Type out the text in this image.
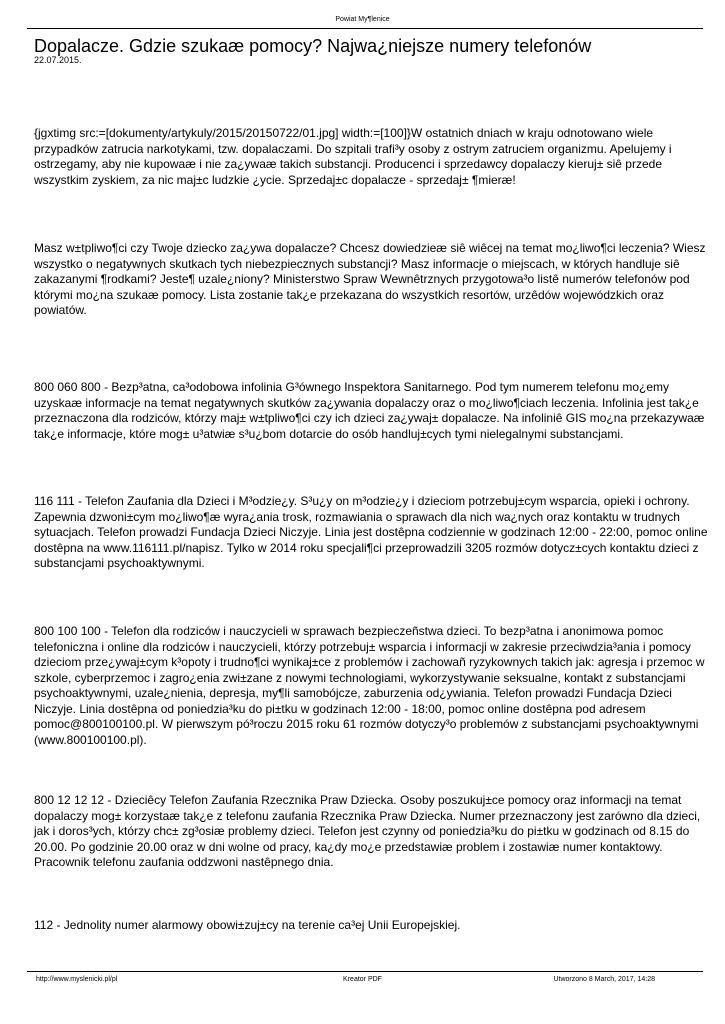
Powiat My¶lenice
Dopalacze. Gdzie szukaæ pomocy? Najwa¿niejsze numery telefonów
22.07.2015.

{jgxtimg src:=[dokumenty/artykuly/2015/20150722/01.jpg] width:=[100]}W ostatnich dniach w kraju odnotowano wiele przypadków zatrucia narkotykami, tzw. dopalaczami. Do szpitali trafi³y osoby z ostrym zatruciem organizmu. Apelujemy i ostrzegamy, aby nie kupowaæ i nie za¿ywaæ takich substancji. Producenci i sprzedawcy dopalaczy kieruj± siê przede wszystkim zyskiem, za nic maj±c ludzkie ¿ycie. Sprzedaj±c dopalacze - sprzedaj± ¶mieræ!

Masz w±tpliwo¶ci czy Twoje dziecko za¿ywa dopalacze? Chcesz dowiedzieæ siê wiêcej na temat mo¿liwo¶ci leczenia? Wiesz wszystko o negatywnych skutkach tych niebezpiecznych substancji? Masz informacje o miejscach, w których handluje siê zakazanymi ¶rodkami? Jeste¶ uzale¿niony? Ministerstwo Spraw Wewnêtrznych przygotowa³o listê numerów telefonów pod którymi mo¿na szukaæ pomocy. Lista zostanie tak¿e przekazana do wszystkich resortów, urzêdów wojewódzkich oraz powiatów.

800 060 800 - Bezp³atna, ca³odobowa infolinia G³ównego Inspektora Sanitarnego. Pod tym numerem telefonu mo¿emy uzyskaæ informacje na temat negatywnych skutków za¿ywania dopalaczy oraz o mo¿liwo¶ciach leczenia. Infolinia jest tak¿e przeznaczona dla rodziców, którzy maj± w±tpliwo¶ci czy ich dzieci za¿ywaj± dopalacze. Na infoliniê GIS mo¿na przekazywaæ tak¿e informacje, które mog± u³atwiæ s³u¿bom dotarcie do osób handluj±cych tymi nielegalnymi substancjami.

116 111 - Telefon Zaufania dla Dzieci i M³odzie¿y. S³u¿y on m³odzie¿y i dzieciom potrzebuj±cym wsparcia, opieki i ochrony. Zapewnia dzwoni±cym mo¿liwo¶æ wyra¿ania trosk, rozmawiania o sprawach dla nich wa¿nych oraz kontaktu w trudnych sytuacjach. Telefon prowadzi Fundacja Dzieci Niczyje. Linia jest dostêpna codziennie w godzinach 12:00 - 22:00, pomoc online dostêpna na www.116111.pl/napisz. Tylko w 2014 roku specjali¶ci przeprowadzili 3205 rozmów dotycz±cych kontaktu dzieci z substancjami psychoaktywnymi.

800 100 100 - Telefon dla rodziców i nauczycieli w sprawach bezpieczeñstwa dzieci. To bezp³atna i anonimowa pomoc telefoniczna i online dla rodziców i nauczycieli, którzy potrzebuj± wsparcia i informacji w zakresie przeciwdzia³ania i pomocy dzieciom prze¿ywaj±cym k³opoty i trudno¶ci wynikaj±ce z problemów i zachowañ ryzykownych takich jak: agresja i przemoc w szkole, cyberprzemoc i zagro¿enia zwi±zane z nowymi technologiami, wykorzystywanie seksualne, kontakt z substancjami psychoaktywnymi, uzale¿nienia, depresja, my¶li samobójcze, zaburzenia od¿ywiania. Telefon prowadzi Fundacja Dzieci Niczyje. Linia dostêpna od poniedzia³ku do pi±tku w godzinach 12:00 - 18:00, pomoc online dostêpna pod adresem pomoc@800100100.pl. W pierwszym pó³roczu 2015 roku 61 rozmów dotyczy³o problemów z substancjami psychoaktywnymi (www.800100100.pl).

800 12 12 12 - Dzieciêcy Telefon Zaufania Rzecznika Praw Dziecka. Osoby poszukuj±ce pomocy oraz informacji na temat dopalaczy mog± korzystaæ tak¿e z telefonu zaufania Rzecznika Praw Dziecka. Numer przeznaczony jest zarówno dla dzieci, jak i doros³ych, którzy chc± zg³osiæ problemy dzieci. Telefon jest czynny od poniedzia³ku do pi±tku w godzinach od 8.15 do 20.00. Po godzinie 20.00 oraz w dni wolne od pracy, ka¿dy mo¿e przedstawiæ problem i zostawiæ numer kontaktowy. Pracownik telefonu zaufania oddzwoni nastêpnego dnia.

112 - Jednolity numer alarmowy obowi±zuj±cy na terenie ca³ej Unii Europejskiej.

http://www.myslenicki.pl/pl	Kreator PDF	Utworzono 8 March, 2017, 14:28
